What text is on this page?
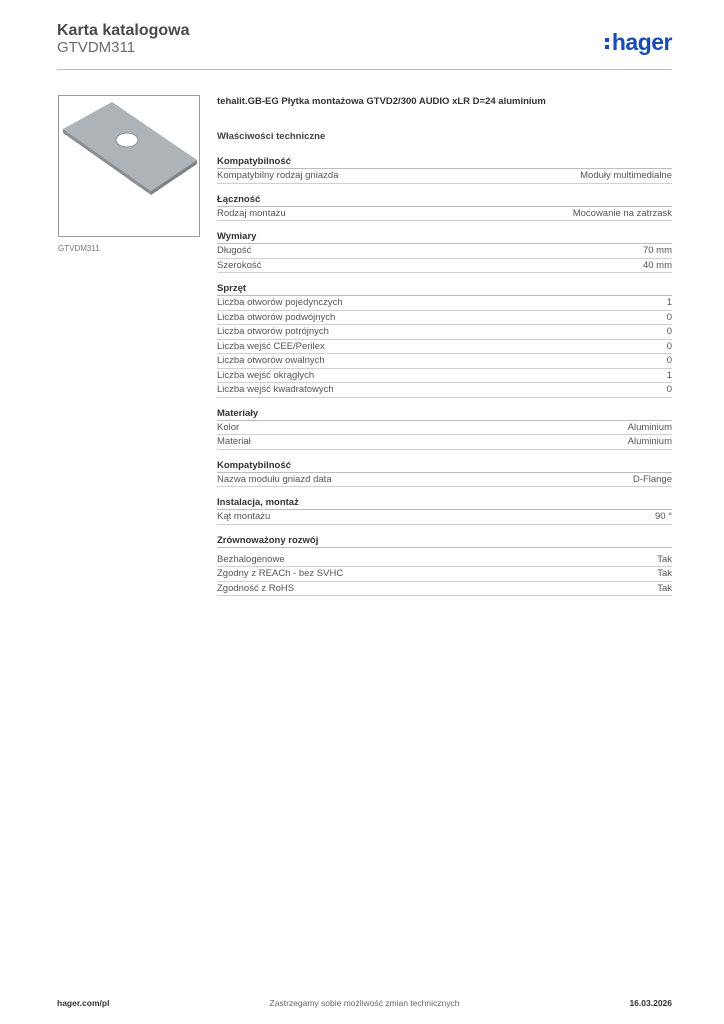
Karta katalogowa
GTVDM311	hager
GTVDM311
tehalit.GB-EG Płytka montażowa GTVD2/300 AUDIO xLR D=24 aluminium
Właściwości techniczne
Kompatybilność
Kompatybilny rodzaj gniazda	Moduły multimedialne
Łączność
Rodzaj montażu	Mocowanie na zatrzask
Wymiary
Długość	70 mm
Szerokość	40 mm
Sprzęt
Liczba otworów pojedynczych	1
Liczba otworów podwójnych	0
Liczba otworów potrójnych	0
Liczba wejść CEE/Perilex	0
Liczba otworów owalnych	0
Liczba wejść okrągłych	1
Liczba wejść kwadratowych	0
Materiały
Kolor	Aluminium
Materiał	Aluminium
Kompatybilność
Nazwa modułu gniazd data	D-Flange
Instalacja, montaż
Kąt montażu	90 °
Zrównoważony rozwój
Bezhalogenowe	Tak
Zgodny z REACh - bez SVHC	Tak
Zgodność z RoHS	Tak
Zastrzegamy sobie możliwość zmian technicznych
hager.com/pl	16.03.2026
